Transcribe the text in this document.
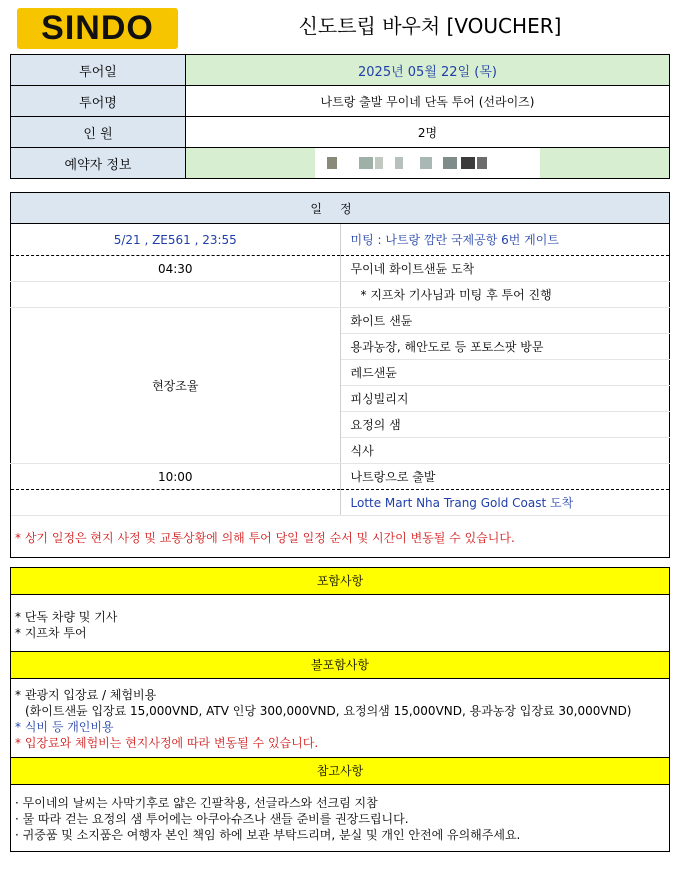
SINDO	신도트립 바우처 [VOUCHER]
투어일	2025년 05월 22일 (목)
투어명	나트랑 출발 무이네 단독 투어 (선라이즈)
인 원	2명
예약자 정보	
일정	
5/21 , ZE561 , 23:55	미팅 : 나트랑 깜란 국제공항 6번 게이트
04:30	무이네 화이트샌듄 도착
	* 지프차 기사님과 미팅 후 투어 진행
현장조율	화이트 샌듄
	용과농장, 해안도로 등 포토스팟 방문
	레드샌듄
	피싱빌리지
	요정의 샘
	식사
10:00	나트랑으로 출발
	Lotte Mart Nha Trang Gold Coast 도착
* 상기 일정은 현지 사정 및 교통상황에 의해 투어 당일 일정 순서 및 시간이 변동될 수 있습니다.
포함사항
* 단독 차량 및 기사
* 지프차 투어
불포함사항
* 관광지 입장료 / 체험비용
(화이트샌듄 입장료 15,000VND, ATV 인당 300,000VND, 요정의샘 15,000VND, 용과농장 입장료 30,000VND)
* 식비 등 개인비용
* 입장료와 체험비는 현지사정에 따라 변동될 수 있습니다.
참고사항
· 무이네의 날씨는 사막기후로 얇은 긴팔착용, 선글라스와 선크림 지참
· 물 따라 걷는 요정의 샘 투어에는 아쿠아슈즈나 샌들 준비를 권장드립니다.
· 귀중품 및 소지품은 여행자 본인 책임 하에 보관 부탁드리며, 분실 및 개인 안전에 유의해주세요.
